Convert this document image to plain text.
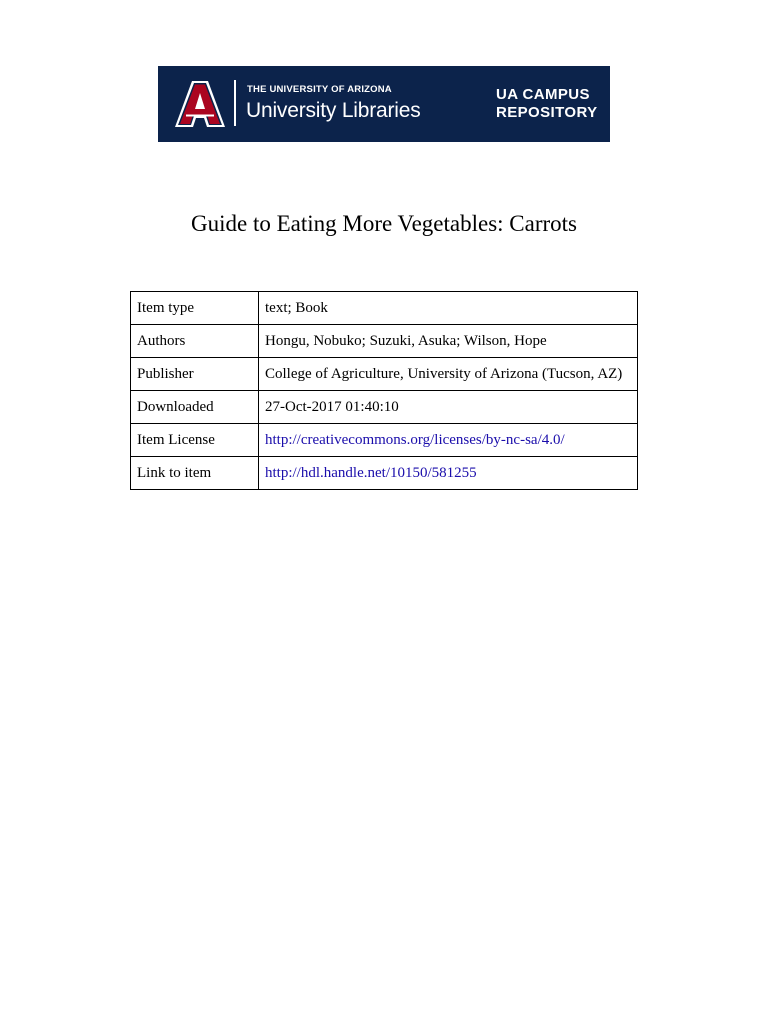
THE UNIVERSITY OF ARIZONA
University Libraries
UA CAMPUS
REPOSITORY
Guide to Eating More Vegetables: Carrots
Item type	text; Book
Authors	Hongu, Nobuko; Suzuki, Asuka; Wilson, Hope
Publisher	College of Agriculture, University of Arizona (Tucson, AZ)
Downloaded	27-Oct-2017 01:40:10
Item License	http://creativecommons.org/licenses/by-nc-sa/4.0/
Link to item	http://hdl.handle.net/10150/581255
